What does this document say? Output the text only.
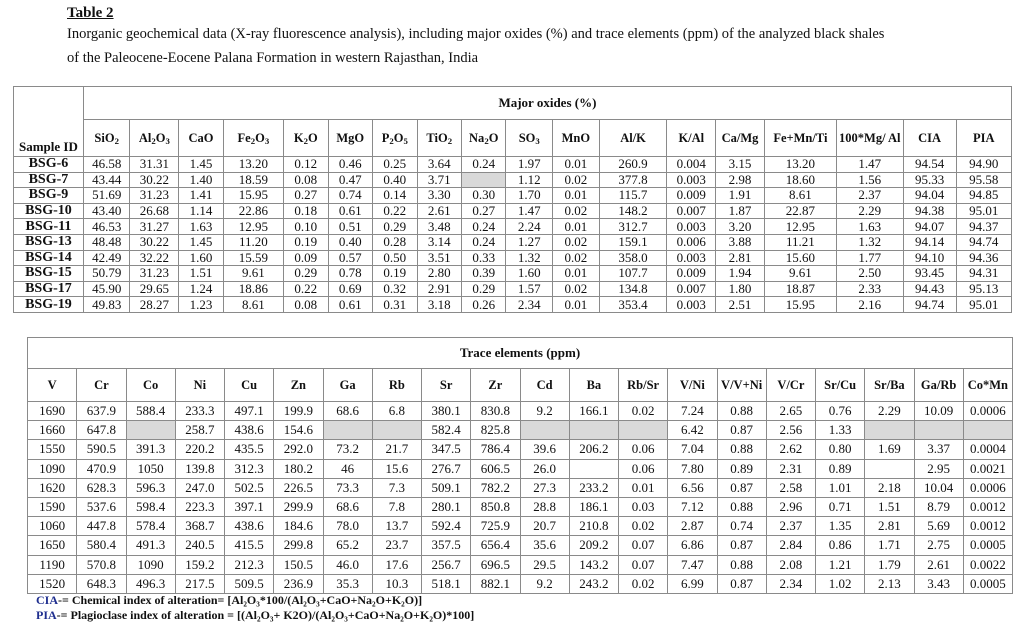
Table 2
Inorganic geochemical data (X-ray fluorescence analysis), including major oxides (%) and trace elements (ppm) of the analyzed black shales
of the Paleocene-Eocene Palana Formation in western Rajasthan, India
Sample ID	Major oxides (%)																	
	SiO$_2$	$Al_2O_3$	CaO	$Fe_2O_3$	$K_2O$	MgO	$P_2O_5$	TiO$_2$	$Na_2O$	$SO_3$	MnO	Al/K	K/Al	Ca/Mg	Fe+Mn/Ti	100*Mg/ Al	CIA	PIA
BSG-6	46.58	31.31	1.45	13.20	0.12	0.46	0.25	3.64	0.24	1.97	0.01	260.9	0.004	3.15	13.20	1.47	94.54	94.90
BSG-7	43.44	30.22	1.40	18.59	0.08	0.47	0.40	3.71		1.12	0.02	377.8	0.003	2.98	18.60	1.56	95.33	95.58
BSG-9	51.69	31.23	1.41	15.95	0.27	0.74	0.14	3.30	0.30	1.70	0.01	115.7	0.009	1.91	8.61	2.37	94.04	94.85
BSG-10	43.40	26.68	1.14	22.86	0.18	0.61	0.22	2.61	0.27	1.47	0.02	148.2	0.007	1.87	22.87	2.29	94.38	95.01
BSG-11	46.53	31.27	1.63	12.95	0.10	0.51	0.29	3.48	0.24	2.24	0.01	312.7	0.003	3.20	12.95	1.63	94.07	94.37
BSG-13	48.48	30.22	1.45	11.20	0.19	0.40	0.28	3.14	0.24	1.27	0.02	159.1	0.006	3.88	11.21	1.32	94.14	94.74
BSG-14	42.49	32.22	1.60	15.59	0.09	0.57	0.50	3.51	0.33	1.32	0.02	358.0	0.003	2.81	15.60	1.77	94.10	94.36
BSG-15	50.79	31.23	1.51	9.61	0.29	0.78	0.19	2.80	0.39	1.60	0.01	107.7	0.009	1.94	9.61	2.50	93.45	94.31
BSG-17	45.90	29.65	1.24	18.86	0.22	0.69	0.32	2.91	0.29	1.57	0.02	134.8	0.007	1.80	18.87	2.33	94.43	95.13
BSG-19	49.83	28.27	1.23	8.61	0.08	0.61	0.31	3.18	0.26	2.34	0.01	353.4	0.003	2.51	15.95	2.16	94.74	95.01
Trace elements (ppm)																			
V	Cr	Co	Ni	Cu	Zn	Ga	Rb	Sr	Zr	Cd	Ba	Rb/Sr	V/Ni	V/V+Ni	V/Cr	Sr/Cu	Sr/Ba	Ga/Rb	Co*Mn
1690	637.9	588.4	233.3	497.1	199.9	68.6	6.8	380.1	830.8	9.2	166.1	0.02	7.24	0.88	2.65	0.76	2.29	10.09	0.0006
1660	647.8		258.7	438.6	154.6			582.4	825.8				6.42	0.87	2.56	1.33			
1550	590.5	391.3	220.2	435.5	292.0	73.2	21.7	347.5	786.4	39.6	206.2	0.06	7.04	0.88	2.62	0.80	1.69	3.37	0.0004
1090	470.9	1050	139.8	312.3	180.2	46	15.6	276.7	606.5	26.0		0.06	7.80	0.89	2.31	0.89		2.95	0.0021
1620	628.3	596.3	247.0	502.5	226.5	73.3	7.3	509.1	782.2	27.3	233.2	0.01	6.56	0.87	2.58	1.01	2.18	10.04	0.0006
1590	537.6	598.4	223.3	397.1	299.9	68.6	7.8	280.1	850.8	28.8	186.1	0.03	7.12	0.88	2.96	0.71	1.51	8.79	0.0012
1060	447.8	578.4	368.7	438.6	184.6	78.0	13.7	592.4	725.9	20.7	210.8	0.02	2.87	0.74	2.37	1.35	2.81	5.69	0.0012
1650	580.4	491.3	240.5	415.5	299.8	65.2	23.7	357.5	656.4	35.6	209.2	0.07	6.86	0.87	2.84	0.86	1.71	2.75	0.0005
1190	570.8	1090	159.2	212.3	150.5	46.0	17.6	256.7	696.5	29.5	143.2	0.07	7.47	0.88	2.08	1.21	1.79	2.61	0.0022
1520	648.3	496.3	217.5	509.5	236.9	35.3	10.3	518.1	882.1	9.2	243.2	0.02	6.99	0.87	2.34	1.02	2.13	3.43	0.0005
CIA-= Chemical index of alteration= [Al₂O₃*100/(Al₂O₃+CaO+Na₂O+K₂O)]
PIA-= Plagioclase index of alteration = [(Al₂O₃+ K2O)/(Al₂O₃+CaO+Na₂O+K₂O)*100]
